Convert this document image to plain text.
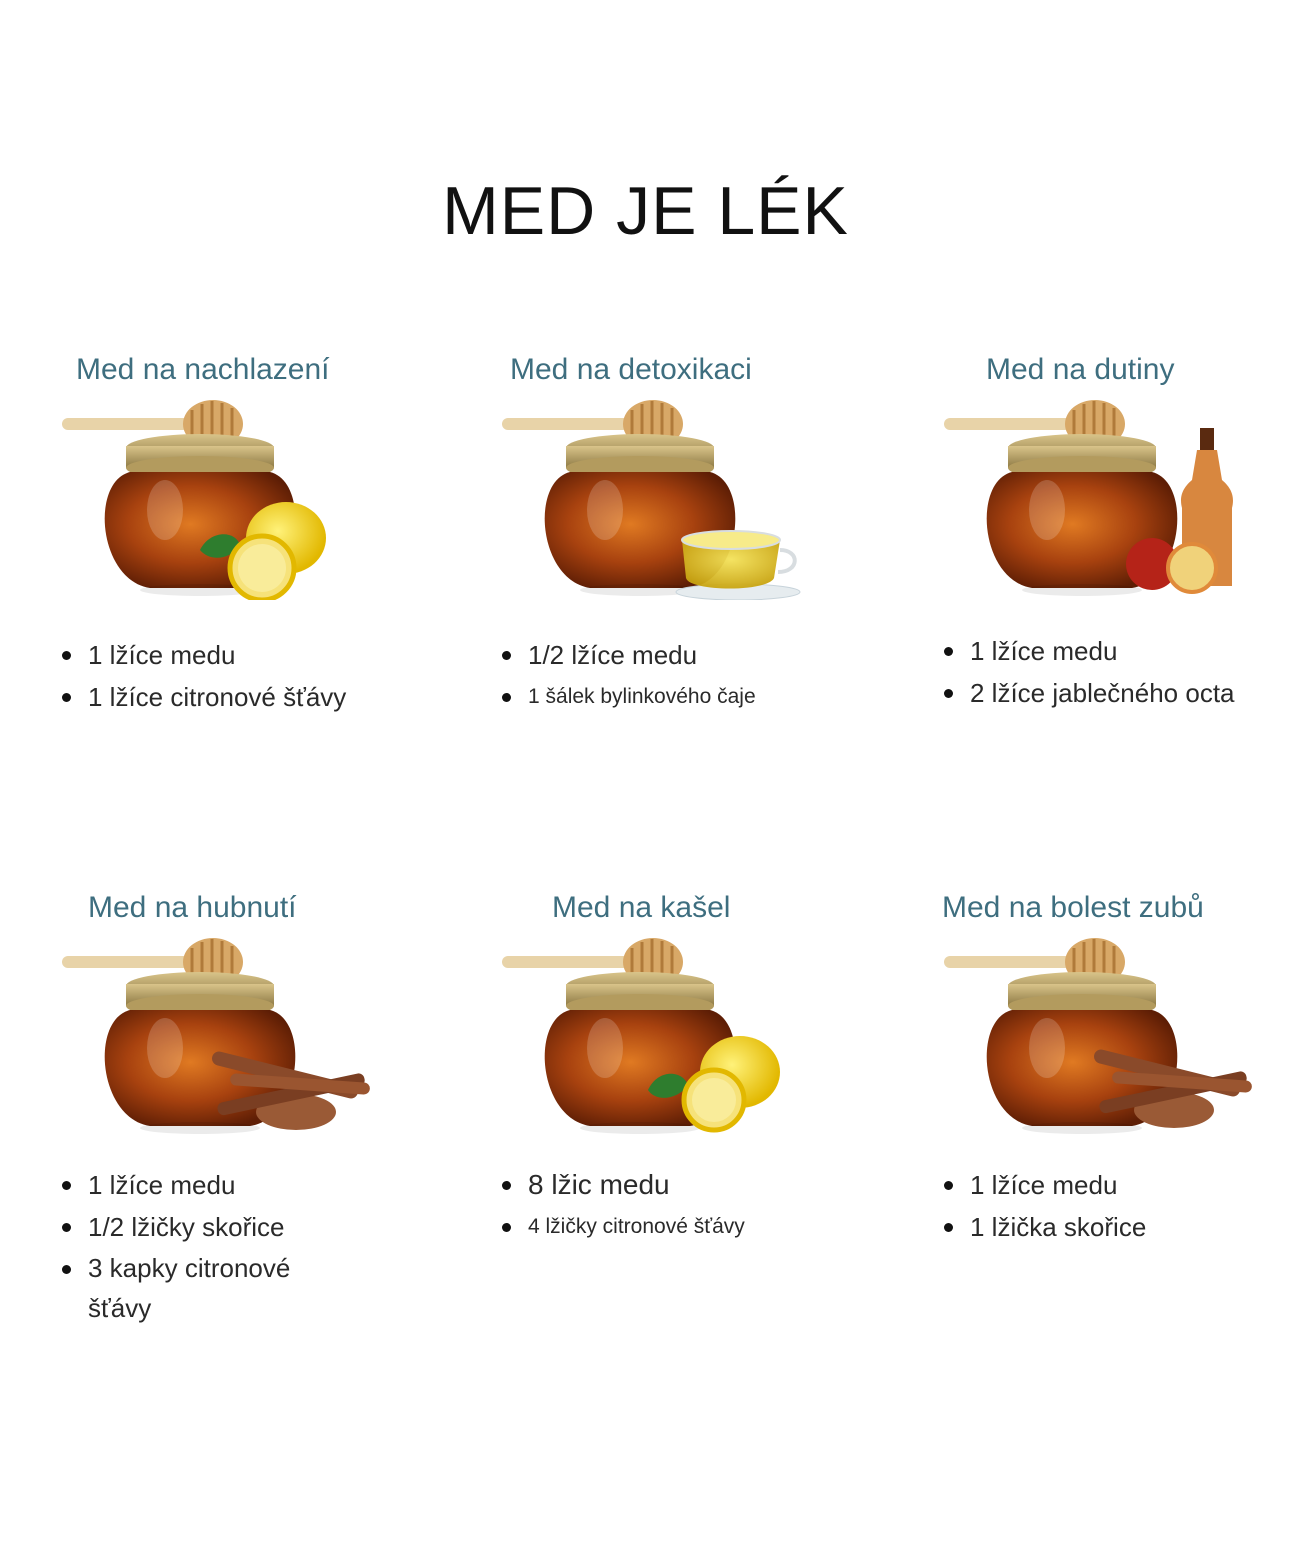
MED JE LÉK
Med na nachlazení
1 lžíce medu
1 lžíce citronové šťávy
Med na detoxikaci
1/2 lžíce medu
1 šálek bylinkového čaje
Med na dutiny
1 lžíce medu
2 lžíce jablečného octa
Med na hubnutí
1 lžíce medu
1/2 lžičky skořice
3 kapky citronové šťávy
Med na kašel
8 lžic medu
4 lžičky citronové šťávy
Med na bolest zubů
1 lžíce medu
1 lžička skořice
